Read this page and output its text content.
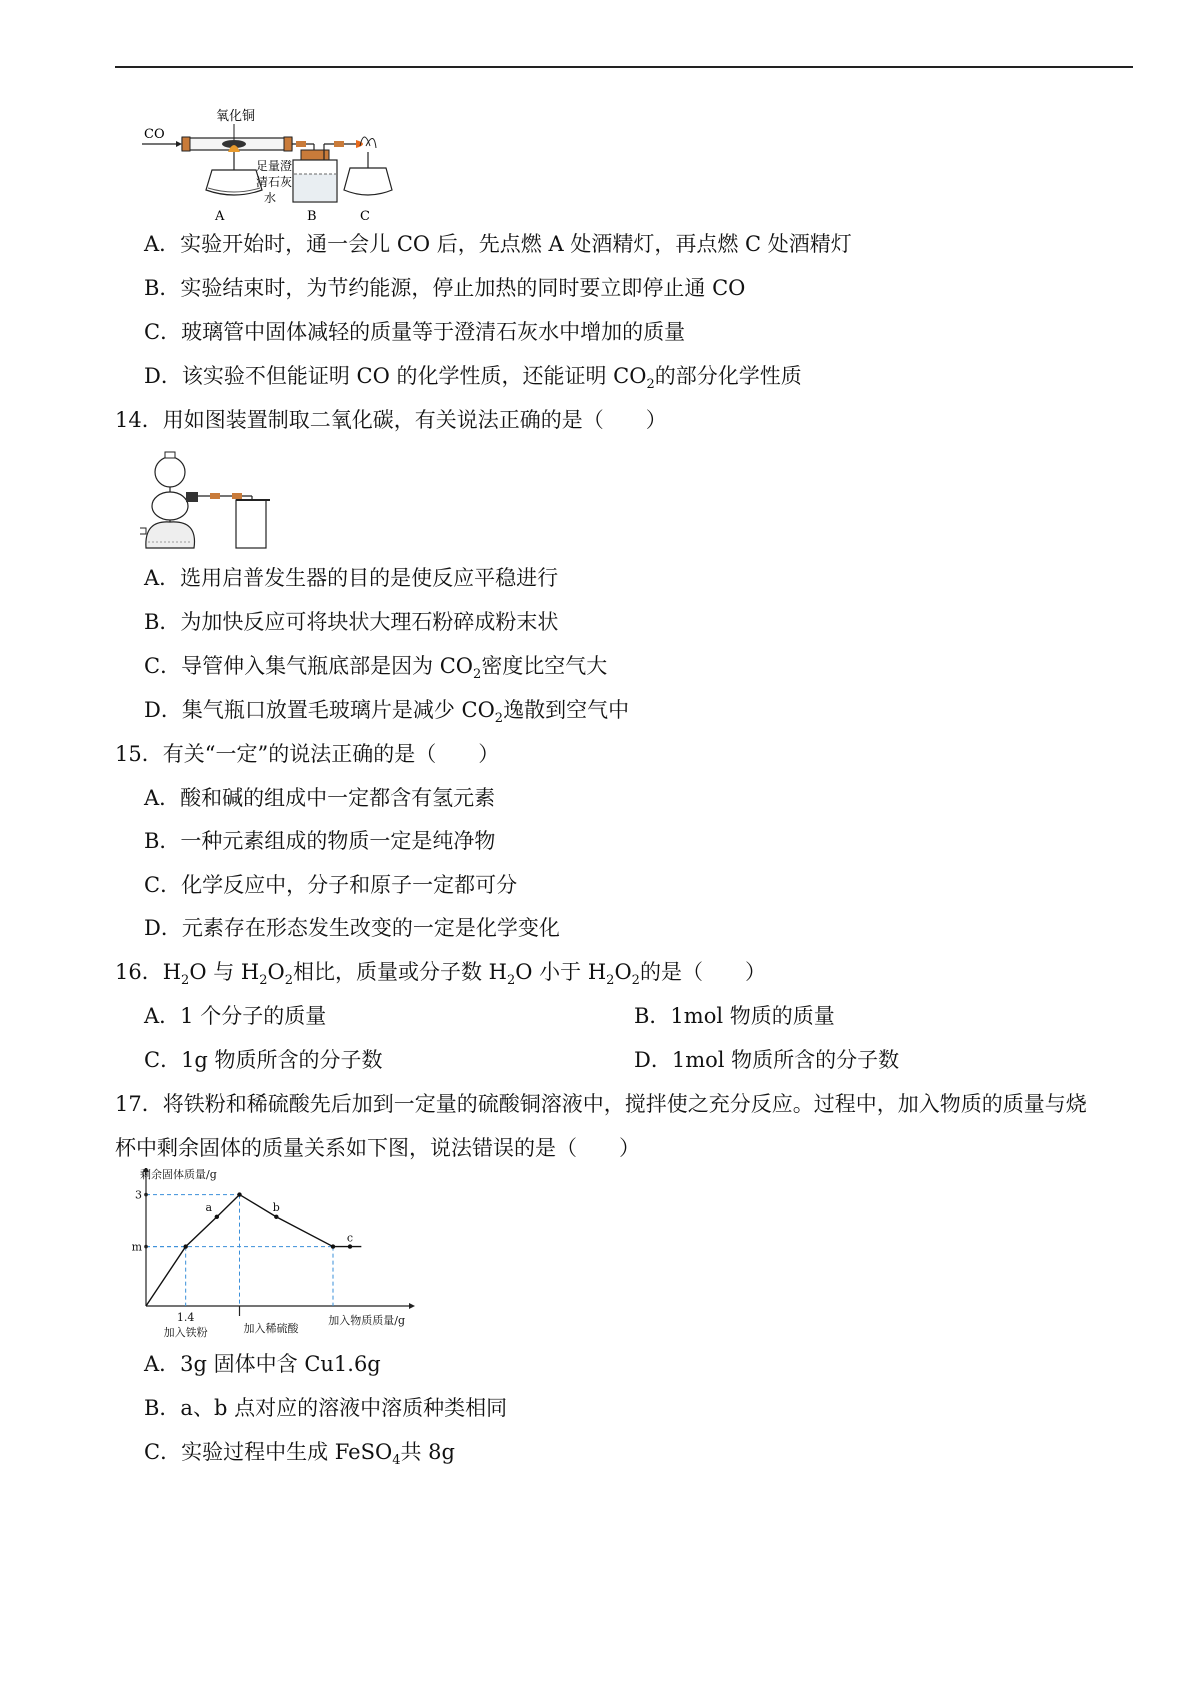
CO
氧化铜
A
足量澄
清石灰
水
B	C
A．实验开始时，通一会儿 CO 后，先点燃 A 处酒精灯，再点燃 C 处酒精灯
B．实验结束时，为节约能源，停止加热的同时要立即停止通 CO
C．玻璃管中固体减轻的质量等于澄清石灰水中增加的质量
D．该实验不但能证明 CO 的化学性质，还能证明 $CO_2$的部分化学性质
14．用如图装置制取二氧化碳，有关说法正确的是（　　）
A．选用启普发生器的目的是使反应平稳进行
B．为加快反应可将块状大理石粉碎成粉末状
C．导管伸入集气瓶底部是因为 $CO_2$密度比空气大
D．集气瓶口放置毛玻璃片是减少 $CO_2$逸散到空气中
15．有关“一定”的说法正确的是（　　）
A．酸和碱的组成中一定都含有氢元素
B．一种元素组成的物质一定是纯净物
C．化学反应中，分子和原子一定都可分
D．元素存在形态发生改变的一定是化学变化
16．$H_2O$ 与 $H_2O_2$相比，质量或分子数 $H_2O$ 小于 $H_2O_2$的是（　　）
A．1 个分子的质量	B．1mol 物质的质量
C．1g 物质所含的分子数	D．1mol 物质所含的分子数
17．将铁粉和稀硫酸先后加到一定量的硫酸铜溶液中，搅拌使之充分反应。过程中，加入物质的质量与烧
杯中剩余固体的质量关系如下图，说法错误的是（　　）
剩余固体质量/g
加入物质质量/g
3
m
1.4
加入铁粉	加入稀硫酸
a	b
c
A．3g 固体中含 Cu1.6g
B．a、b 点对应的溶液中溶质种类相同
C．实验过程中生成 FeSO$_4$共 8g
